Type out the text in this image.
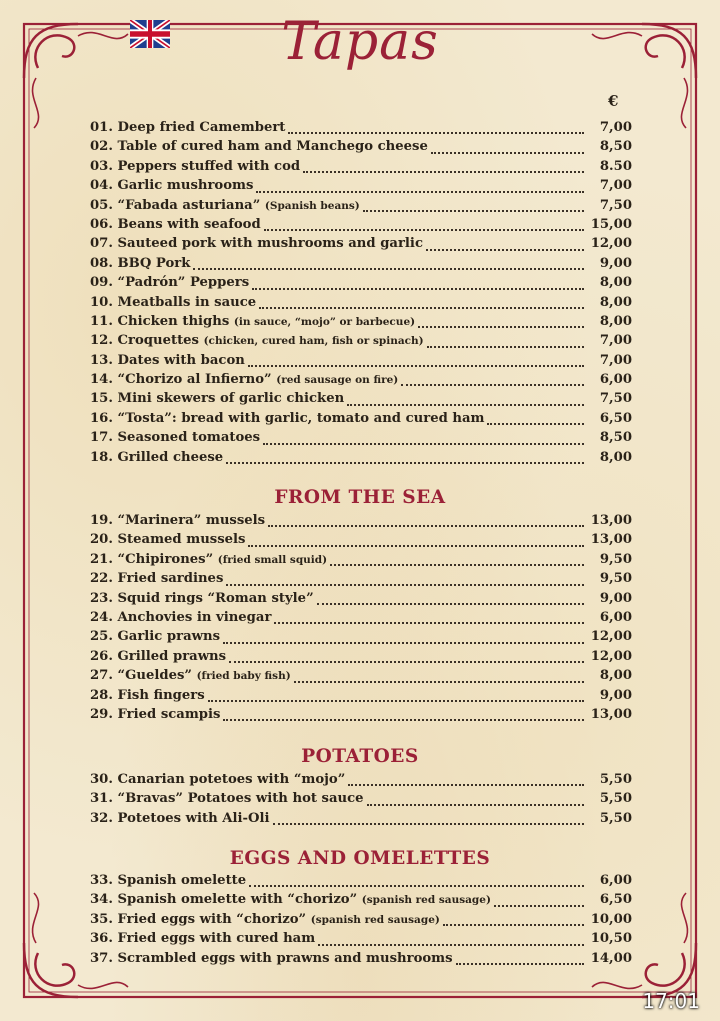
Tapas
€
01. Deep fried Camembert	7,00
02. Table of cured ham and Manchego cheese	8,50
03. Peppers stuffed with cod	8.50
04. Garlic mushrooms	7,00
05. “Fabada asturiana” (Spanish beans)	7,50
06. Beans with seafood	15,00
07. Sauteed pork with mushrooms and garlic	12,00
08. BBQ Pork	9,00
09. “Padrón” Peppers	8,00
10. Meatballs in sauce	8,00
11. Chicken thighs (in sauce, “mojo” or barbecue)	8,00
12. Croquettes (chicken, cured ham, fish or spinach)	7,00
13. Dates with bacon	7,00
14. “Chorizo al Infierno” (red sausage on fire)	6,00
15. Mini skewers of garlic chicken	7,50
16. “Tosta”: bread with garlic, tomato and cured ham	6,50
17. Seasoned tomatoes	8,50
18. Grilled cheese	8,00
FROM THE SEA
19. “Marinera” mussels	13,00
20. Steamed mussels	13,00
21. “Chipirones” (fried small squid)	9,50
22. Fried sardines	9,50
23. Squid rings “Roman style”	9,00
24. Anchovies in vinegar	6,00
25. Garlic prawns	12,00
26. Grilled prawns	12,00
27. “Gueldes” (fried baby fish)	8,00
28. Fish fingers	9,00
29. Fried scampis	13,00
POTATOES
30. Canarian potetoes with “mojo”	5,50
31. “Bravas” Potatoes with hot sauce	5,50
32. Potetoes with Ali-Oli	5,50
EGGS AND OMELETTES
33. Spanish omelette	6,00
34. Spanish omelette with “chorizo” (spanish red sausage)	6,50
35. Fried eggs with “chorizo” (spanish red sausage)	10,00
36. Fried eggs with cured ham	10,50
37. Scrambled eggs with prawns and mushrooms	14,00
17:01
